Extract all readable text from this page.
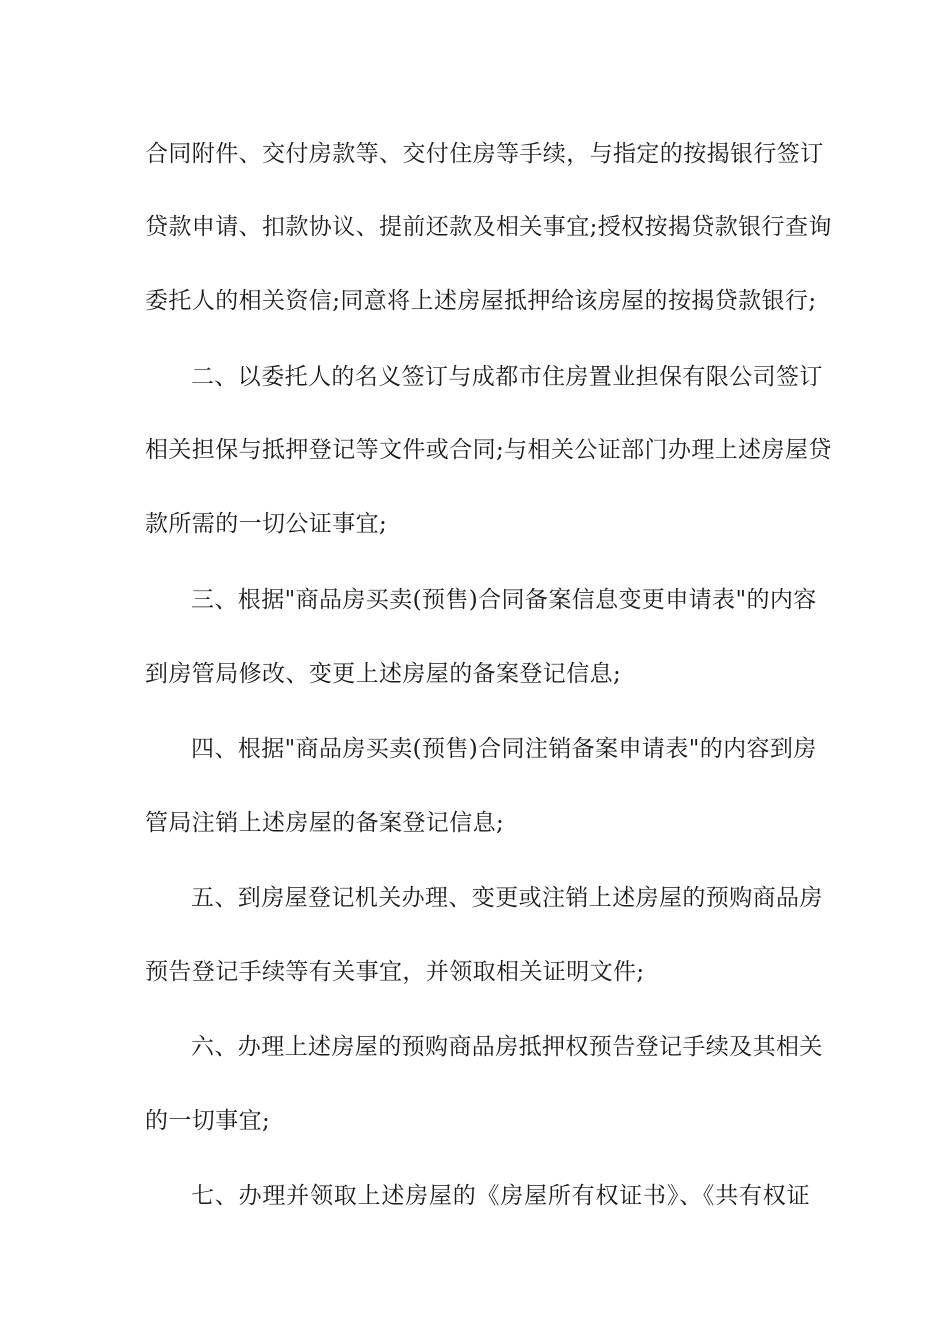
合同附件、交付房款等、交付住房等手续，与指定的按揭银行签订
贷款申请、扣款协议、提前还款及相关事宜;授权按揭贷款银行查询
委托人的相关资信;同意将上述房屋抵押给该房屋的按揭贷款银行;
二、以委托人的名义签订与成都市住房置业担保有限公司签订
相关担保与抵押登记等文件或合同;与相关公证部门办理上述房屋贷
款所需的一切公证事宜;
三、根据"商品房买卖(预售)合同备案信息变更申请表"的内容
到房管局修改、变更上述房屋的备案登记信息;
四、根据"商品房买卖(预售)合同注销备案申请表"的内容到房
管局注销上述房屋的备案登记信息;
五、到房屋登记机关办理、变更或注销上述房屋的预购商品房
预告登记手续等有关事宜，并领取相关证明文件;
六、办理上述房屋的预购商品房抵押权预告登记手续及其相关
的一切事宜;
七、办理并领取上述房屋的《房屋所有权证书》、《共有权证
